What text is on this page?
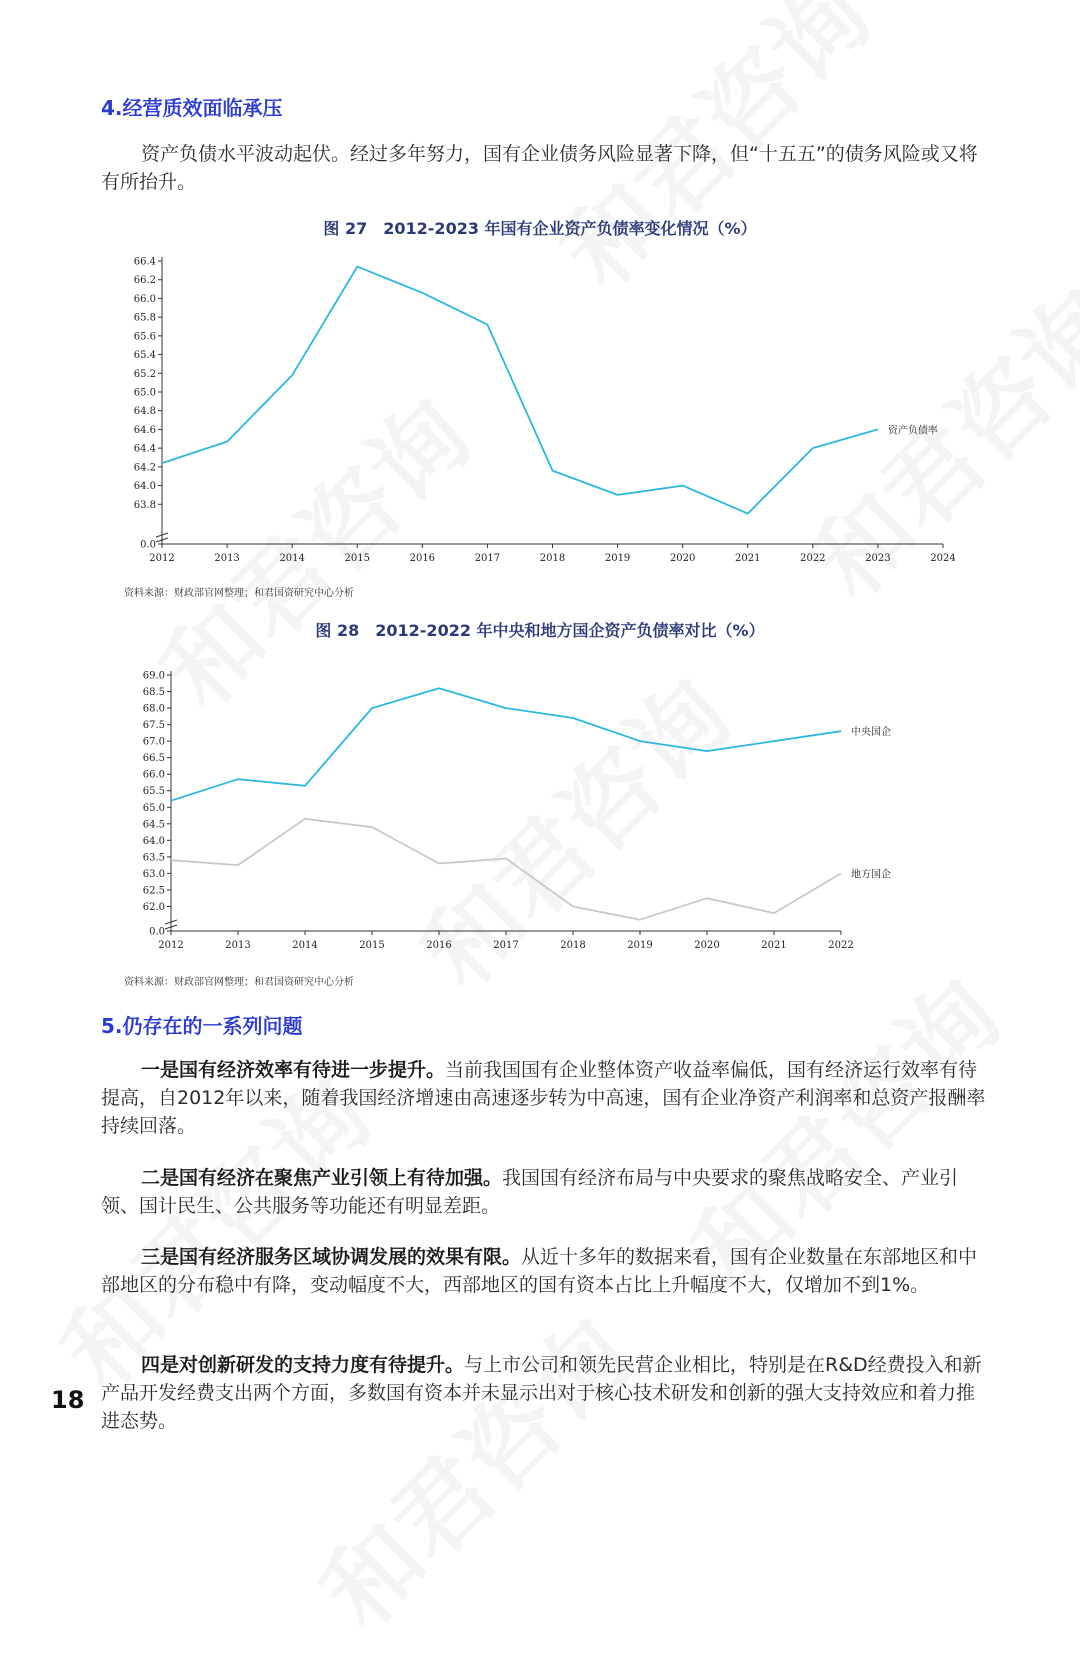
4.经营质效面临承压

资产负债水平波动起伏。经过多年努力，国有企业债务风险显著下降，但“十五五”的债务风险或又将有所抬升。

图 27　2012-2023 年国有企业资产负债率变化情况（%）
0.0
63.8
64.0
64.2
64.4
64.6
64.8
65.0
65.2
65.4
65.6
65.8
66.0
66.2
66.4
2012	2013	2014	2015	2016	2017	2018	2019	2020	2021	2022	2023	2024
资产负债率
资料来源：财政部官网整理；和君国资研究中心分析
图 28　2012-2022 年中央和地方国企资产负债率对比（%）
0.0
62.0
62.5
63.0
63.5
64.0
64.5
65.0
65.5
66.0
66.5
67.0
67.5
68.0
68.5
69.0
2012	2013	2014	2015	2016	2017	2018	2019	2020	2021	2022
中央国企
地方国企
资料来源：财政部官网整理；和君国资研究中心分析
5.仍存在的一系列问题

一是国有经济效率有待进一步提升。当前我国国有企业整体资产收益率偏低，国有经济运行效率有待提高，自2012年以来，随着我国经济增速由高速逐步转为中高速，国有企业净资产利润率和总资产报酬率持续回落。

二是国有经济在聚焦产业引领上有待加强。我国国有经济布局与中央要求的聚焦战略安全、产业引领、国计民生、公共服务等功能还有明显差距。

三是国有经济服务区域协调发展的效果有限。从近十多年的数据来看，国有企业数量在东部地区和中部地区的分布稳中有降，变动幅度不大，西部地区的国有资本占比上升幅度不大，仅增加不到1%。

四是对创新研发的支持力度有待提升。与上市公司和领先民营企业相比，特别是在R&D经费投入和新产品开发经费支出两个方面，多数国有资本并未显示出对于核心技术研发和创新的强大支持效应和着力推进态势。

18
